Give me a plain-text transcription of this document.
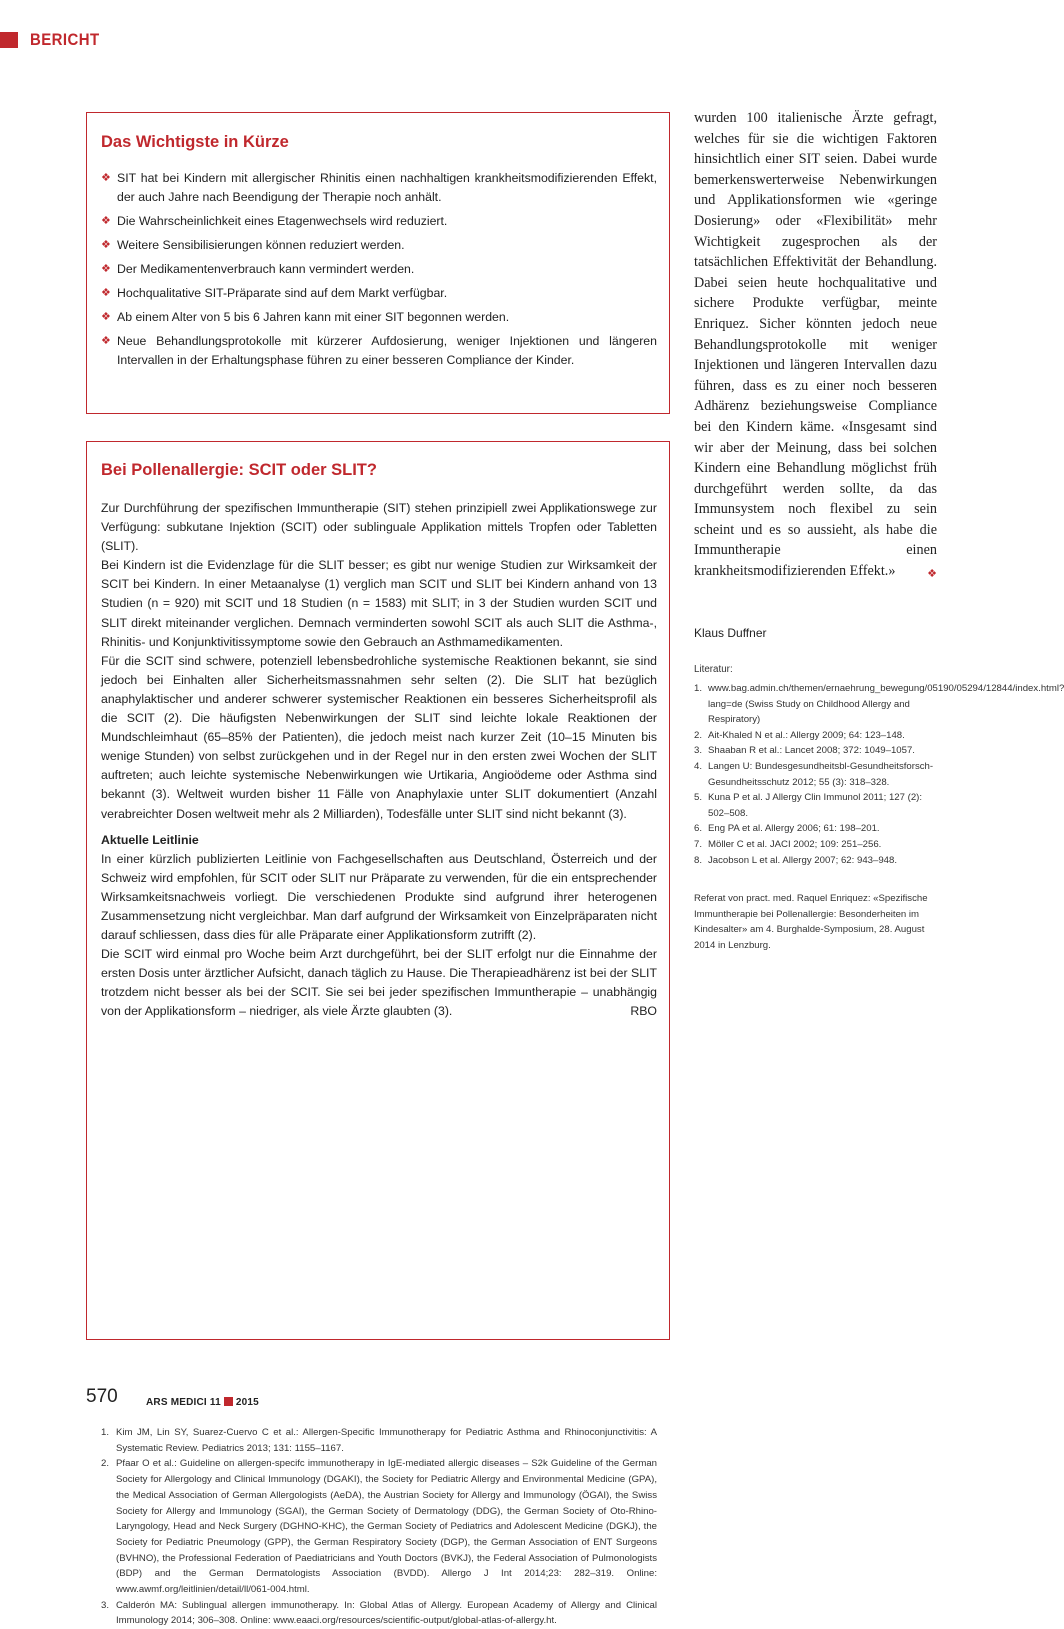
BERICHT
Das Wichtigste in Kürze
❖ SIT hat bei Kindern mit allergischer Rhinitis einen nachhaltigen krankheitsmodifizierenden Effekt, der auch Jahre nach Beendigung der Therapie noch anhält.
❖ Die Wahrscheinlichkeit eines Etagenwechsels wird reduziert.
❖ Weitere Sensibilisierungen können reduziert werden.
❖ Der Medikamentenverbrauch kann vermindert werden.
❖ Hochqualitative SIT-Präparate sind auf dem Markt verfügbar.
❖ Ab einem Alter von 5 bis 6 Jahren kann mit einer SIT begonnen werden.
❖ Neue Behandlungsprotokolle mit kürzerer Aufdosierung, weniger Injektionen und längeren Intervallen in der Erhaltungsphase führen zu einer besseren Compliance der Kinder.
Bei Pollenallergie: SCIT oder SLIT?

Zur Durchführung der spezifischen Immuntherapie (SIT) stehen prinzipiell zwei Applikationswege zur Verfügung: subkutane Injektion (SCIT) oder sublinguale Applikation mittels Tropfen oder Tabletten (SLIT).

Bei Kindern ist die Evidenzlage für die SLIT besser; es gibt nur wenige Studien zur Wirksamkeit der SCIT bei Kindern. In einer Metaanalyse (1) verglich man SCIT und SLIT bei Kindern anhand von 13 Studien (n = 920) mit SCIT und 18 Studien (n = 1583) mit SLIT; in 3 der Studien wurden SCIT und SLIT direkt miteinander verglichen. Demnach verminderten sowohl SCIT als auch SLIT die Asthma-, Rhinitis- und Konjunktivitissymptome sowie den Gebrauch an Asthmamedikamenten.

Für die SCIT sind schwere, potenziell lebensbedrohliche systemische Reaktionen bekannt, sie sind jedoch bei Einhalten aller Sicherheitsmassnahmen sehr selten (2). Die SLIT hat bezüglich anaphylaktischer und anderer schwerer systemischer Reaktionen ein besseres Sicherheitsprofil als die SCIT (2). Die häufigsten Nebenwirkungen der SLIT sind leichte lokale Reaktionen der Mundschleimhaut (65–85% der Patienten), die jedoch meist nach kurzer Zeit (10–15 Minuten bis wenige Stunden) von selbst zurückgehen und in der Regel nur in den ersten zwei Wochen der SLIT auftreten; auch leichte systemische Nebenwirkungen wie Urtikaria, Angioödeme oder Asthma sind bekannt (3). Weltweit wurden bisher 11 Fälle von Anaphylaxie unter SLIT dokumentiert (Anzahl verabreichter Dosen weltweit mehr als 2 Milliarden), Todesfälle unter SLIT sind nicht bekannt (3).

Aktuelle Leitlinie

In einer kürzlich publizierten Leitlinie von Fachgesellschaften aus Deutschland, Österreich und der Schweiz wird empfohlen, für SCIT oder SLIT nur Präparate zu verwenden, für die ein entsprechender Wirksamkeitsnachweis vorliegt. Die verschiedenen Produkte sind aufgrund ihrer heterogenen Zusammensetzung nicht vergleichbar. Man darf aufgrund der Wirksamkeit von Einzelpräparaten nicht darauf schliessen, dass dies für alle Präparate einer Applikationsform zutrifft (2).

Die SCIT wird einmal pro Woche beim Arzt durchgeführt, bei der SLIT erfolgt nur die Einnahme der ersten Dosis unter ärztlicher Aufsicht, danach täglich zu Hause. Die Therapieadhärenz ist bei der SLIT trotzdem nicht besser als bei der SCIT. Sie sei bei jeder spezifischen Immuntherapie – unabhängig von der Applikationsform – niedriger, als viele Ärzte glaubten (3).	RBO

1. Kim JM, Lin SY, Suarez-Cuervo C et al.: Allergen-Specific Immunotherapy for Pediatric Asthma and Rhinoconjunctivitis: A Systematic Review. Pediatrics 2013; 131: 1155–1167.
2. Pfaar O et al.: Guideline on allergen-specifc immunotherapy in IgE-mediated allergic diseases – S2k Guideline of the German Society for Allergology and Clinical Immunology (DGAKI), the Society for Pediatric Allergy and Environmental Medicine (GPA), the Medical Association of German Allergologists (AeDA), the Austrian Society for Allergy and Immunology (ÖGAI), the Swiss Society for Allergy and Immunology (SGAI), the German Society of Dermatology (DDG), the German Society of Oto-Rhino-Laryngology, Head and Neck Surgery (DGHNO-KHC), the German Society of Pediatrics and Adolescent Medicine (DGKJ), the Society for Pediatric Pneumology (GPP), the German Respiratory Society (DGP), the German Association of ENT Surgeons (BVHNO), the Professional Federation of Paediatricians and Youth Doctors (BVKJ), the Federal Association of Pulmonologists (BDP) and the German Dermatologists Association (BVDD). Allergo J Int 2014;23: 282–319. Online: www.awmf.org/leitlinien/detail/ll/061-004.html.
3. Calderón MA: Sublingual allergen immunotherapy. In: Global Atlas of Allergy. European Academy of Allergy and Clinical Immunology 2014; 306–308. Online: www.eaaci.org/resources/scientific-output/global-atlas-of-allergy.ht.
wurden 100 italienische Ärzte gefragt, welches für sie die wichtigen Faktoren hinsichtlich einer SIT seien. Dabei wurde bemerkenswerterweise Nebenwirkungen und Applikationsformen wie «geringe Dosierung» oder «Flexibilität» mehr Wichtigkeit zugesprochen als der tatsächlichen Effektivität der Behandlung. Dabei seien heute hochqualitative und sichere Produkte verfügbar, meinte Enriquez. Sicher könnten jedoch neue Behandlungsprotokolle mit weniger Injektionen und längeren Intervallen dazu führen, dass es zu einer noch besseren Adhärenz beziehungsweise Compliance bei den Kindern käme. «Insgesamt sind wir aber der Meinung, dass bei solchen Kindern eine Behandlung möglichst früh durchgeführt werden sollte, da das Immunsystem noch flexibel zu sein scheint und es so aussieht, als habe die Immuntherapie einen krankheitsmodifizierenden Effekt.»	❖
Klaus Duffner
Literatur:
1. www.bag.admin.ch/themen/ernaehrung_bewegung/05190/05294/12844/index.html?lang=de (Swiss Study on Childhood Allergy and Respiratory)
2. Ait-Khaled N et al.: Allergy 2009; 64: 123–148.
3. Shaaban R et al.: Lancet 2008; 372: 1049–1057.
4. Langen U: Bundesgesundheitsbl-Gesundheitsforsch-Gesundheitsschutz 2012; 55 (3): 318–328.
5. Kuna P et al. J Allergy Clin Immunol 2011; 127 (2): 502–508.
6. Eng PA et al. Allergy 2006; 61: 198–201.
7. Möller C et al. JACI 2002; 109: 251–256.
8. Jacobson L et al. Allergy 2007; 62: 943–948.
Referat von pract. med. Raquel Enriquez: «Spezifische Immuntherapie bei Pollenallergie: Besonderheiten im Kindesalter» am 4. Burghalde-Symposium, 28. August 2014 in Lenzburg.
570	ARS MEDICI 11 2015
